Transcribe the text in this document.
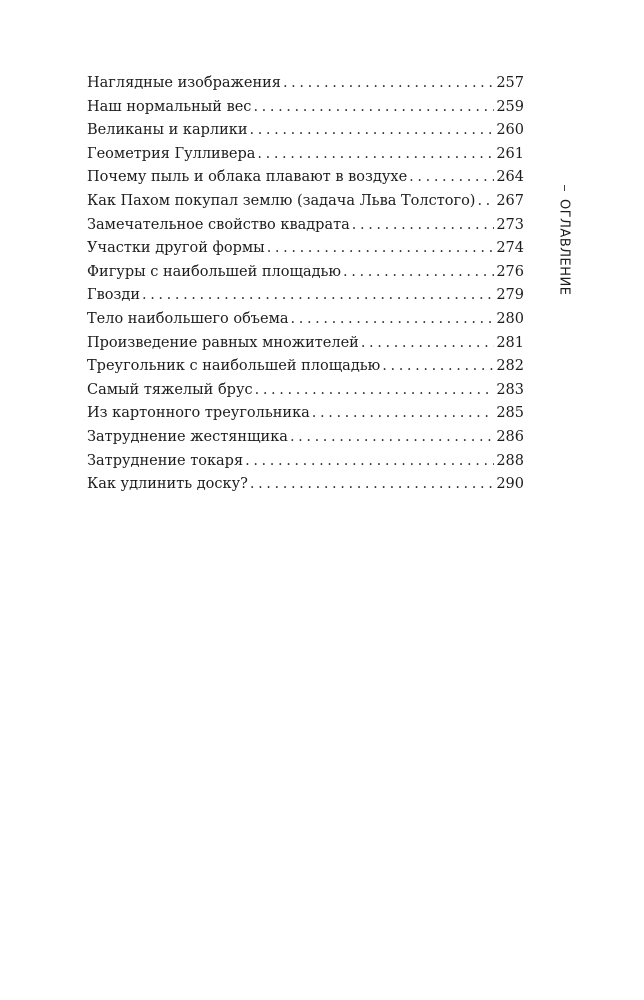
Наглядные изображения . . .	257
Наш нормальный вес . . .	259
Великаны и карлики . . .	260
Геометрия Гулливера . . .	261
Почему пыль и облака плавают в воздухе . . .	264
Как Пахом покупал землю (задача Льва Толстого) . . . 267
Замечательное свойство квадрата . . .	273
Участки другой формы . . .	274
Фигуры с наибольшей площадью . . .	276
Гвозди . . .	279
Тело наибольшего объема . . .	280
Произведение равных множителей . . .	281
Треугольник с наибольшей площадью . . .	282
Самый тяжелый брус . . .	283
Из картонного треугольника . . .	285
Затруднение жестянщика . . .	286
Затруднение токаря . . .	288
Как удлинить доску? . . .	290
ОГЛАВЛЕНИЕ
